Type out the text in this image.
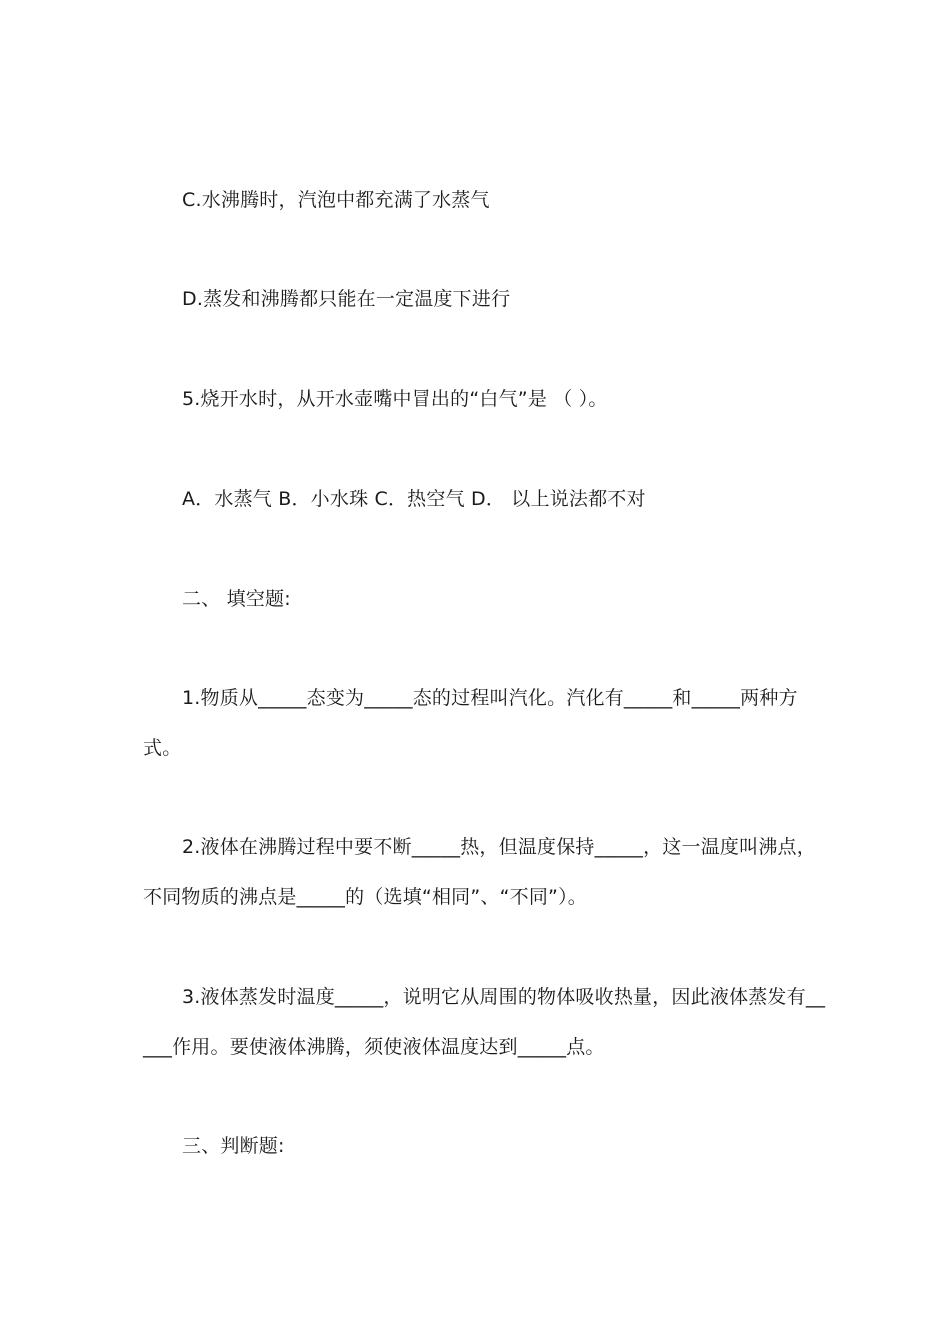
C.水沸腾时，汽泡中都充满了水蒸气
D.蒸发和沸腾都只能在一定温度下进行
5.烧开水时，从开水壶嘴中冒出的“白气”是 （ ）。
A．水蒸气 B．小水珠 C．热空气 D． 以上说法都不对
二、 填空题:
1.物质从_____态变为_____态的过程叫汽化。汽化有_____和_____两种方
式。
2.液体在沸腾过程中要不断_____热，但温度保持_____，这一温度叫沸点，
不同物质的沸点是_____的（选填“相同”、“不同”）。
3.液体蒸发时温度_____，说明它从周围的物体吸收热量，因此液体蒸发有__
___作用。要使液体沸腾，须使液体温度达到_____点。
三、判断题:
